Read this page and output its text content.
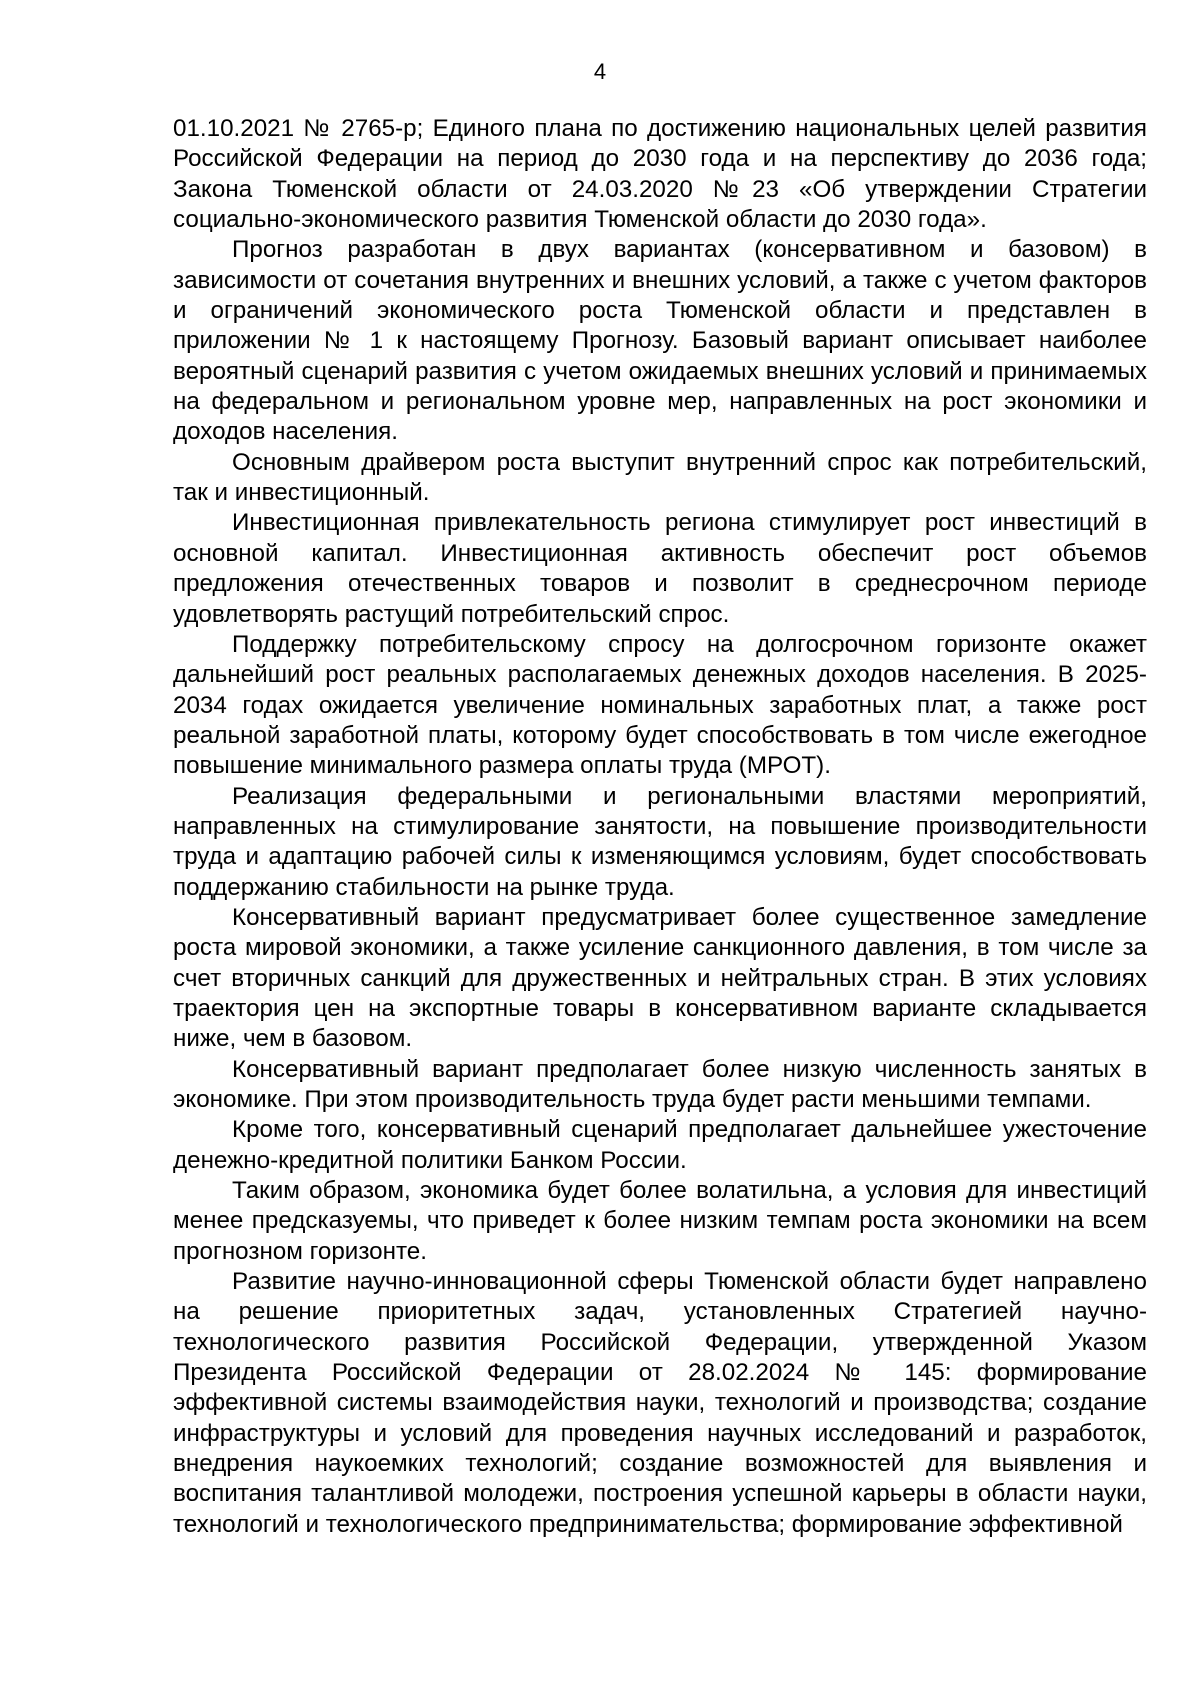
4

01.10.2021 № 2765-р; Единого плана по достижению национальных целей развития Российской Федерации на период до 2030 года и на перспективу до 2036 года; Закона Тюменской области от 24.03.2020 №23 «Об утверждении Стратегии социально-экономического развития Тюменской области до 2030 года».

Прогноз разработан в двух вариантах (консервативном и базовом) в зависимости от сочетания внутренних и внешних условий, а также с учетом факторов и ограничений экономического роста Тюменской области и представлен в приложении № 1 к настоящему Прогнозу. Базовый вариант описывает наиболее вероятный сценарий развития с учетом ожидаемых внешних условий и принимаемых на федеральном и региональном уровне мер, направленных на рост экономики и доходов населения.

Основным драйвером роста выступит внутренний спрос как потребительский, так и инвестиционный.

Инвестиционная привлекательность региона стимулирует рост инвестиций в основной капитал. Инвестиционная активность обеспечит рост объемов предложения отечественных товаров и позволит в среднесрочном периоде удовлетворять растущий потребительский спрос.

Поддержку потребительскому спросу на долгосрочном горизонте окажет дальнейший рост реальных располагаемых денежных доходов населения. В 2025-2034 годах ожидается увеличение номинальных заработных плат, а также рост реальной заработной платы, которому будет способствовать в том числе ежегодное повышение минимального размера оплаты труда (МРОТ).

Реализация федеральными и региональными властями мероприятий, направленных на стимулирование занятости, на повышение производительности труда и адаптацию рабочей силы к изменяющимся условиям, будет способствовать поддержанию стабильности на рынке труда.

Консервативный вариант предусматривает более существенное замедление роста мировой экономики, а также усиление санкционного давления, в том числе за счет вторичных санкций для дружественных и нейтральных стран. В этих условиях траектория цен на экспортные товары в консервативном варианте складывается ниже, чем в базовом.

Консервативный вариант предполагает более низкую численность занятых в экономике. При этом производительность труда будет расти меньшими темпами.

Кроме того, консервативный сценарий предполагает дальнейшее ужесточение денежно-кредитной политики Банком России.

Таким образом, экономика будет более волатильна, а условия для инвестиций менее предсказуемы, что приведет к более низким темпам роста экономики на всем прогнозном горизонте.

Развитие научно-инновационной сферы Тюменской области будет направлено на решение приоритетных задач, установленных Стратегией научно-технологического развития Российской Федерации, утвержденной Указом Президента Российской Федерации от 28.02.2024 № 145: формирование эффективной системы взаимодействия науки, технологий и производства; создание инфраструктуры и условий для проведения научных исследований и разработок, внедрения наукоемких технологий; создание возможностей для выявления и воспитания талантливой молодежи, построения успешной карьеры в области науки, технологий и технологического предпринимательства; формирование эффективной
